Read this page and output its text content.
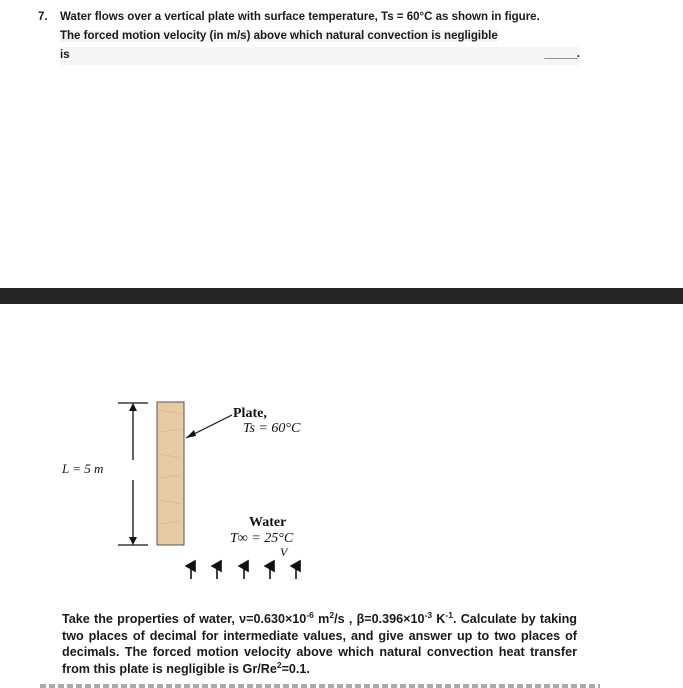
7. Water flows over a vertical plate with surface temperature, Ts = 60°C as shown in figure.
The forced motion velocity (in m/s) above which natural convection is negligible
is	______.
L = 5 m
Plate,
Ts = 60°C
Water
T∞ = 25°C
V
Take the properties of water, $\nu=0.630\times 10^{-6}$ $m^2/s$ , $\beta=0.396\times 10^{-3}$ $K^{-1}$. Calculate by taking two places of decimal for intermediate values, and give answer up to two places of decimals. The forced motion velocity above which natural convection heat transfer from this plate is negligible is $Gr/Re^2=0.1$.
